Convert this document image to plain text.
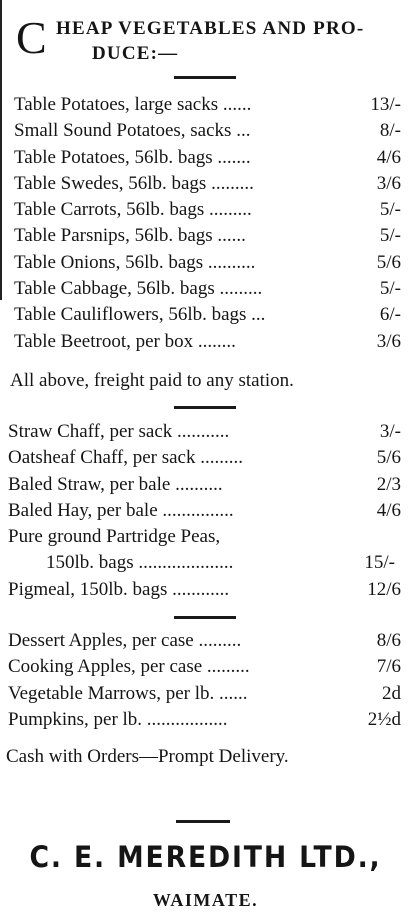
C HEAP VEGETABLES AND PRO-
DUCE:—
Table Potatoes, large sacks ......	13/-
Small Sound Potatoes, sacks ...	8/-
Table Potatoes, 56lb. bags .......	4/6
Table Swedes, 56lb. bags .........	3/6
Table Carrots, 56lb. bags .........	5/-
Table Parsnips, 56lb. bags ......	5/-
Table Onions, 56lb. bags ..........	5/6
Table Cabbage, 56lb. bags .........	5/-
Table Cauliflowers, 56lb. bags ...	6/-
Table Beetroot, per box ........	3/6
All above, freight paid to any station.
Straw Chaff, per sack ...........	3/-
Oatsheaf Chaff, per sack .........	5/6
Baled Straw, per bale ..........	2/3
Baled Hay, per bale ...............	4/6
Pure ground Partridge Peas,
150lb. bags ....................	15/-
Pigmeal, 150lb. bags ............	12/6
Dessert Apples, per case .........	8/6
Cooking Apples, per case .........	7/6
Vegetable Marrows, per lb. ......	2d
Pumpkins, per lb. .................	2½d
Cash with Orders—Prompt Delivery.
C. E. MEREDITH LTD.,
WAIMATE.
